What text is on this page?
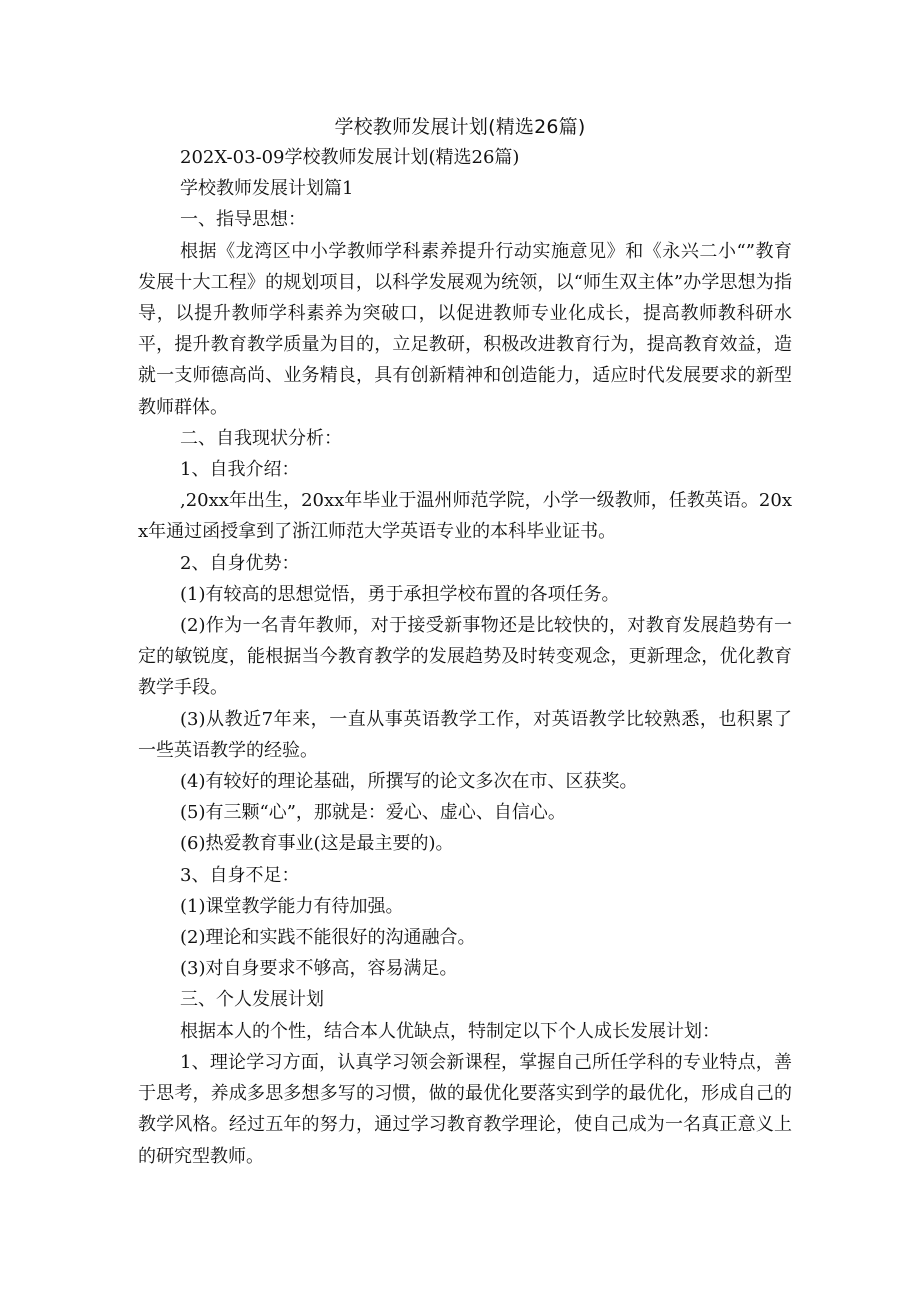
学校教师发展计划(精选26篇)

202X-03-09学校教师发展计划(精选26篇)

学校教师发展计划篇1

一、指导思想：

根据《龙湾区中小学教师学科素养提升行动实施意见》和《永兴二小“”教育发展十大工程》的规划项目，以科学发展观为统领，以“师生双主体”办学思想为指导，以提升教师学科素养为突破口，以促进教师专业化成长，提高教师教科研水平，提升教育教学质量为目的，立足教研，积极改进教育行为，提高教育效益，造就一支师德高尚、业务精良，具有创新精神和创造能力，适应时代发展要求的新型教师群体。

二、自我现状分析：

1、自我介绍：

,20xx年出生，20xx年毕业于温州师范学院，小学一级教师，任教英语。20xx年通过函授拿到了浙江师范大学英语专业的本科毕业证书。

2、自身优势：

(1)有较高的思想觉悟，勇于承担学校布置的各项任务。

(2)作为一名青年教师，对于接受新事物还是比较快的，对教育发展趋势有一定的敏锐度，能根据当今教育教学的发展趋势及时转变观念，更新理念，优化教育教学手段。

(3)从教近7年来，一直从事英语教学工作，对英语教学比较熟悉，也积累了一些英语教学的经验。

(4)有较好的理论基础，所撰写的论文多次在市、区获奖。

(5)有三颗“心”，那就是：爱心、虚心、自信心。

(6)热爱教育事业(这是最主要的)。

3、自身不足：

(1)课堂教学能力有待加强。

(2)理论和实践不能很好的沟通融合。

(3)对自身要求不够高，容易满足。

三、个人发展计划

根据本人的个性，结合本人优缺点，特制定以下个人成长发展计划：

1、理论学习方面，认真学习领会新课程，掌握自己所任学科的专业特点，善于思考，养成多思多想多写的习惯，做的最优化要落实到学的最优化，形成自己的教学风格。经过五年的努力，通过学习教育教学理论，使自己成为一名真正意义上的研究型教师。
